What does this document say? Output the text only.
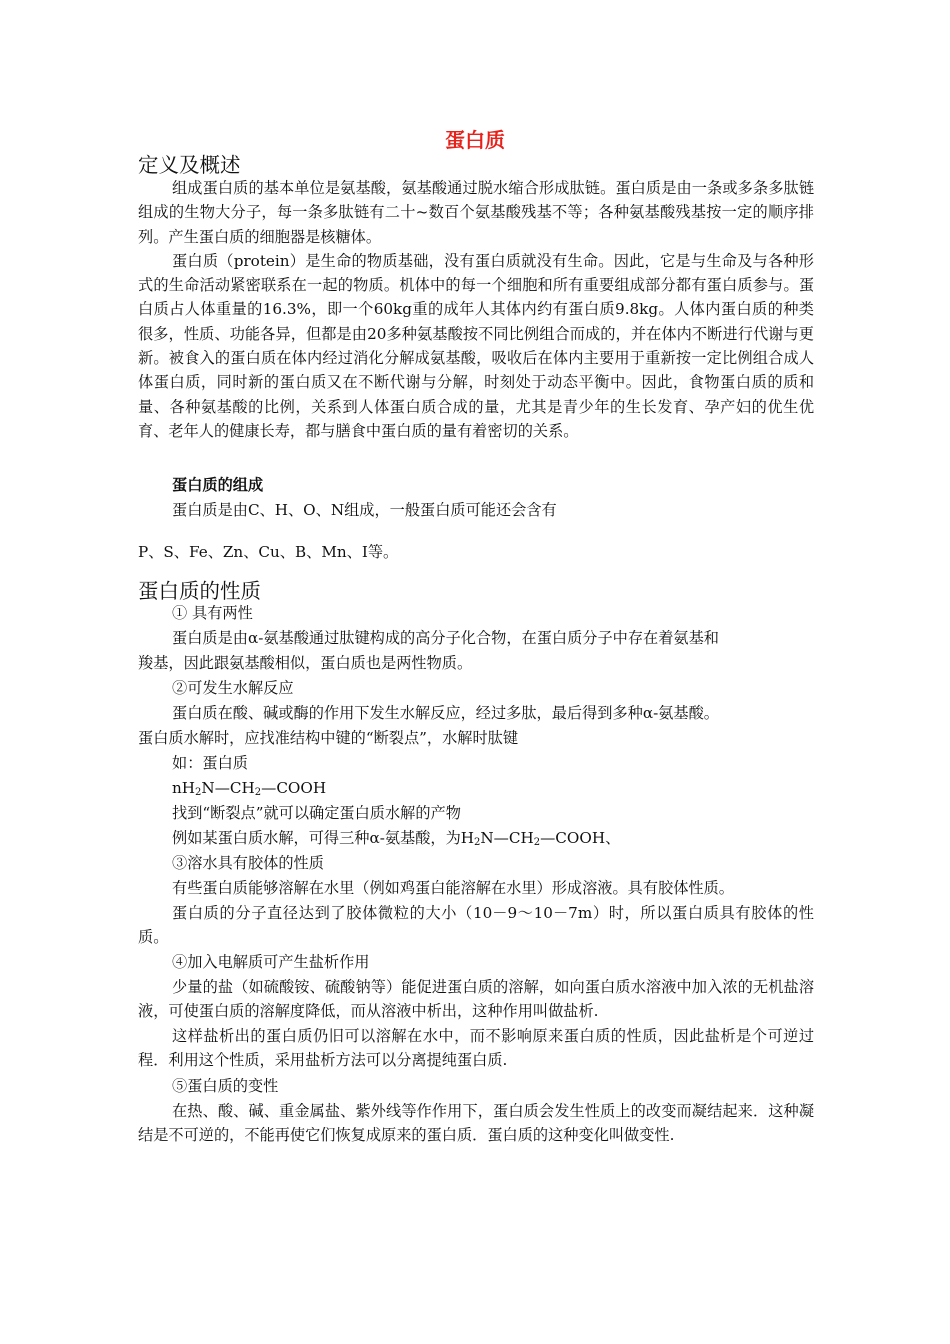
蛋白质
定义及概述

组成蛋白质的基本单位是氨基酸，氨基酸通过脱水缩合形成肽链。蛋白质是由一条或多条多肽链组成的生物大分子，每一条多肽链有二十~数百个氨基酸残基不等；各种氨基酸残基按一定的顺序排列。产生蛋白质的细胞器是核糖体。

蛋白质（protein）是生命的物质基础，没有蛋白质就没有生命。因此，它是与生命及与各种形式的生命活动紧密联系在一起的物质。机体中的每一个细胞和所有重要组成部分都有蛋白质参与。蛋白质占人体重量的16.3%，即一个60kg重的成年人其体内约有蛋白质9.8kg。人体内蛋白质的种类很多，性质、功能各异，但都是由20多种氨基酸按不同比例组合而成的，并在体内不断进行代谢与更新。被食入的蛋白质在体内经过消化分解成氨基酸，吸收后在体内主要用于重新按一定比例组合成人体蛋白质，同时新的蛋白质又在不断代谢与分解，时刻处于动态平衡中。因此，食物蛋白质的质和量、各种氨基酸的比例，关系到人体蛋白质合成的量，尤其是青少年的生长发育、孕产妇的优生优育、老年人的健康长寿，都与膳食中蛋白质的量有着密切的关系。

蛋白质的组成
蛋白质是由C、H、O、N组成，一般蛋白质可能还会含有
P、S、Fe、Zn、Cu、B、Mn、I等。
蛋白质的性质
① 具有两性
蛋白质是由α-氨基酸通过肽键构成的高分子化合物，在蛋白质分子中存在着氨基和
羧基，因此跟氨基酸相似，蛋白质也是两性物质。
②可发生水解反应
蛋白质在酸、碱或酶的作用下发生水解反应，经过多肽，最后得到多种α-氨基酸。
蛋白质水解时，应找准结构中键的“断裂点”，水解时肽键
如：蛋白质
$nH_2N—CH_2—COOH$
找到“断裂点”就可以确定蛋白质水解的产物
例如某蛋白质水解，可得三种α-氨基酸，为$H_2N—CH_2—COOH$、
③溶水具有胶体的性质
有些蛋白质能够溶解在水里（例如鸡蛋白能溶解在水里）形成溶液。具有胶体性质。

蛋白质的分子直径达到了胶体微粒的大小（10－9～10－7m）时，所以蛋白质具有胶体的性质。

④加入电解质可产生盐析作用

少量的盐（如硫酸铵、硫酸钠等）能促进蛋白质的溶解，如向蛋白质水溶液中加入浓的无机盐溶液，可使蛋白质的溶解度降低，而从溶液中析出，这种作用叫做盐析.

这样盐析出的蛋白质仍旧可以溶解在水中，而不影响原来蛋白质的性质，因此盐析是个可逆过程．利用这个性质，采用盐析方法可以分离提纯蛋白质.

⑤蛋白质的变性

在热、酸、碱、重金属盐、紫外线等作作用下，蛋白质会发生性质上的改变而凝结起来．这种凝结是不可逆的，不能再使它们恢复成原来的蛋白质．蛋白质的这种变化叫做变性.
